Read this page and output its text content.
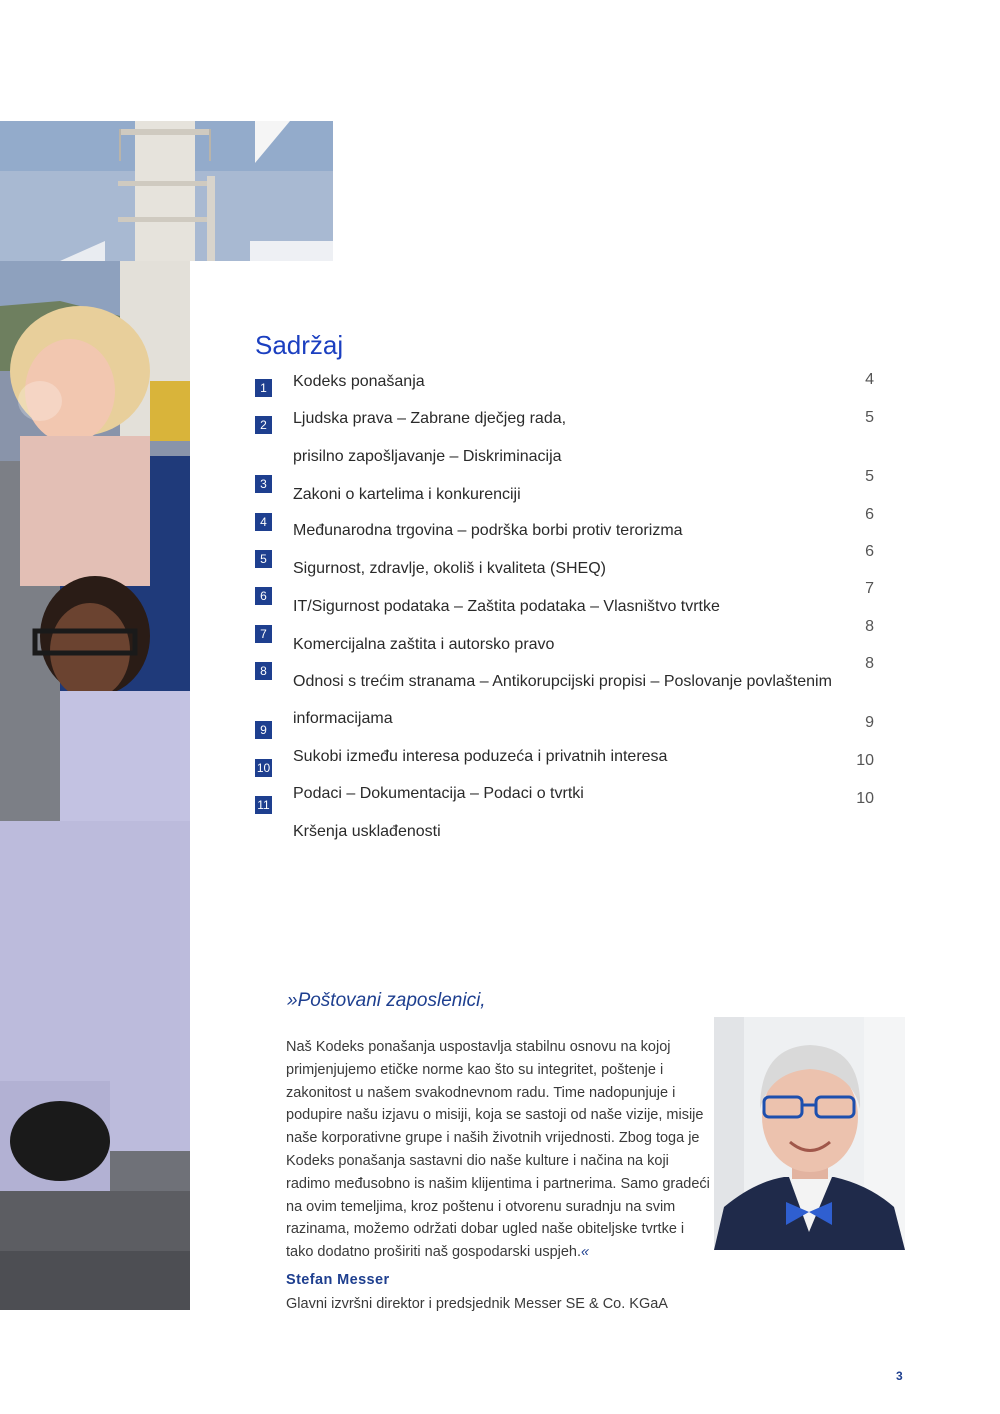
Sadržaj
1
2
3
4
5
6
7
8
9
10
11
Kodeks ponašanja
Ljudska prava – Zabrane dječjeg rada,
prisilno zapošljavanje – Diskriminacija
Zakoni o kartelima i konkurenciji
Međunarodna trgovina – podrška borbi protiv terorizma
Sigurnost, zdravlje, okoliš i kvaliteta (SHEQ)
IT/Sigurnost podataka – Zaštita podataka – Vlasništvo tvrtke
Komercijalna zaštita i autorsko pravo
Odnosi s trećim stranama – Antikorupcijski propisi – Poslovanje povlaštenim
informacijama
Sukobi između interesa poduzeća i privatnih interesa
Podaci – Dokumentacija – Podaci o tvrtki
Kršenja usklađenosti
4
5
5
6
6
7
8
8
9
10
10
»Poštovani zaposlenici,

Naš Kodeks ponašanja uspostavlja stabilnu osnovu na kojoj primjenjujemo etičke norme kao što su integritet, poštenje i zakonitost u našem svakodnevnom radu. Time nadopunjuje i podupire našu izjavu o misiji, koja se sastoji od naše vizije, misije naše korporativne grupe i naših životnih vrijednosti. Zbog toga je Kodeks ponašanja sastavni dio naše kulture i načina na koji radimo međusobno is našim klijentima i partnerima. Samo gradeći na ovim temeljima, kroz poštenu i otvorenu suradnju na svim razinama, možemo održati dobar ugled naše obiteljske tvrtke i tako dodatno proširiti naš gospodarski uspjeh.«

Stefan Messer

Glavni izvršni direktor i predsjednik Messer SE & Co. KGaA

3
